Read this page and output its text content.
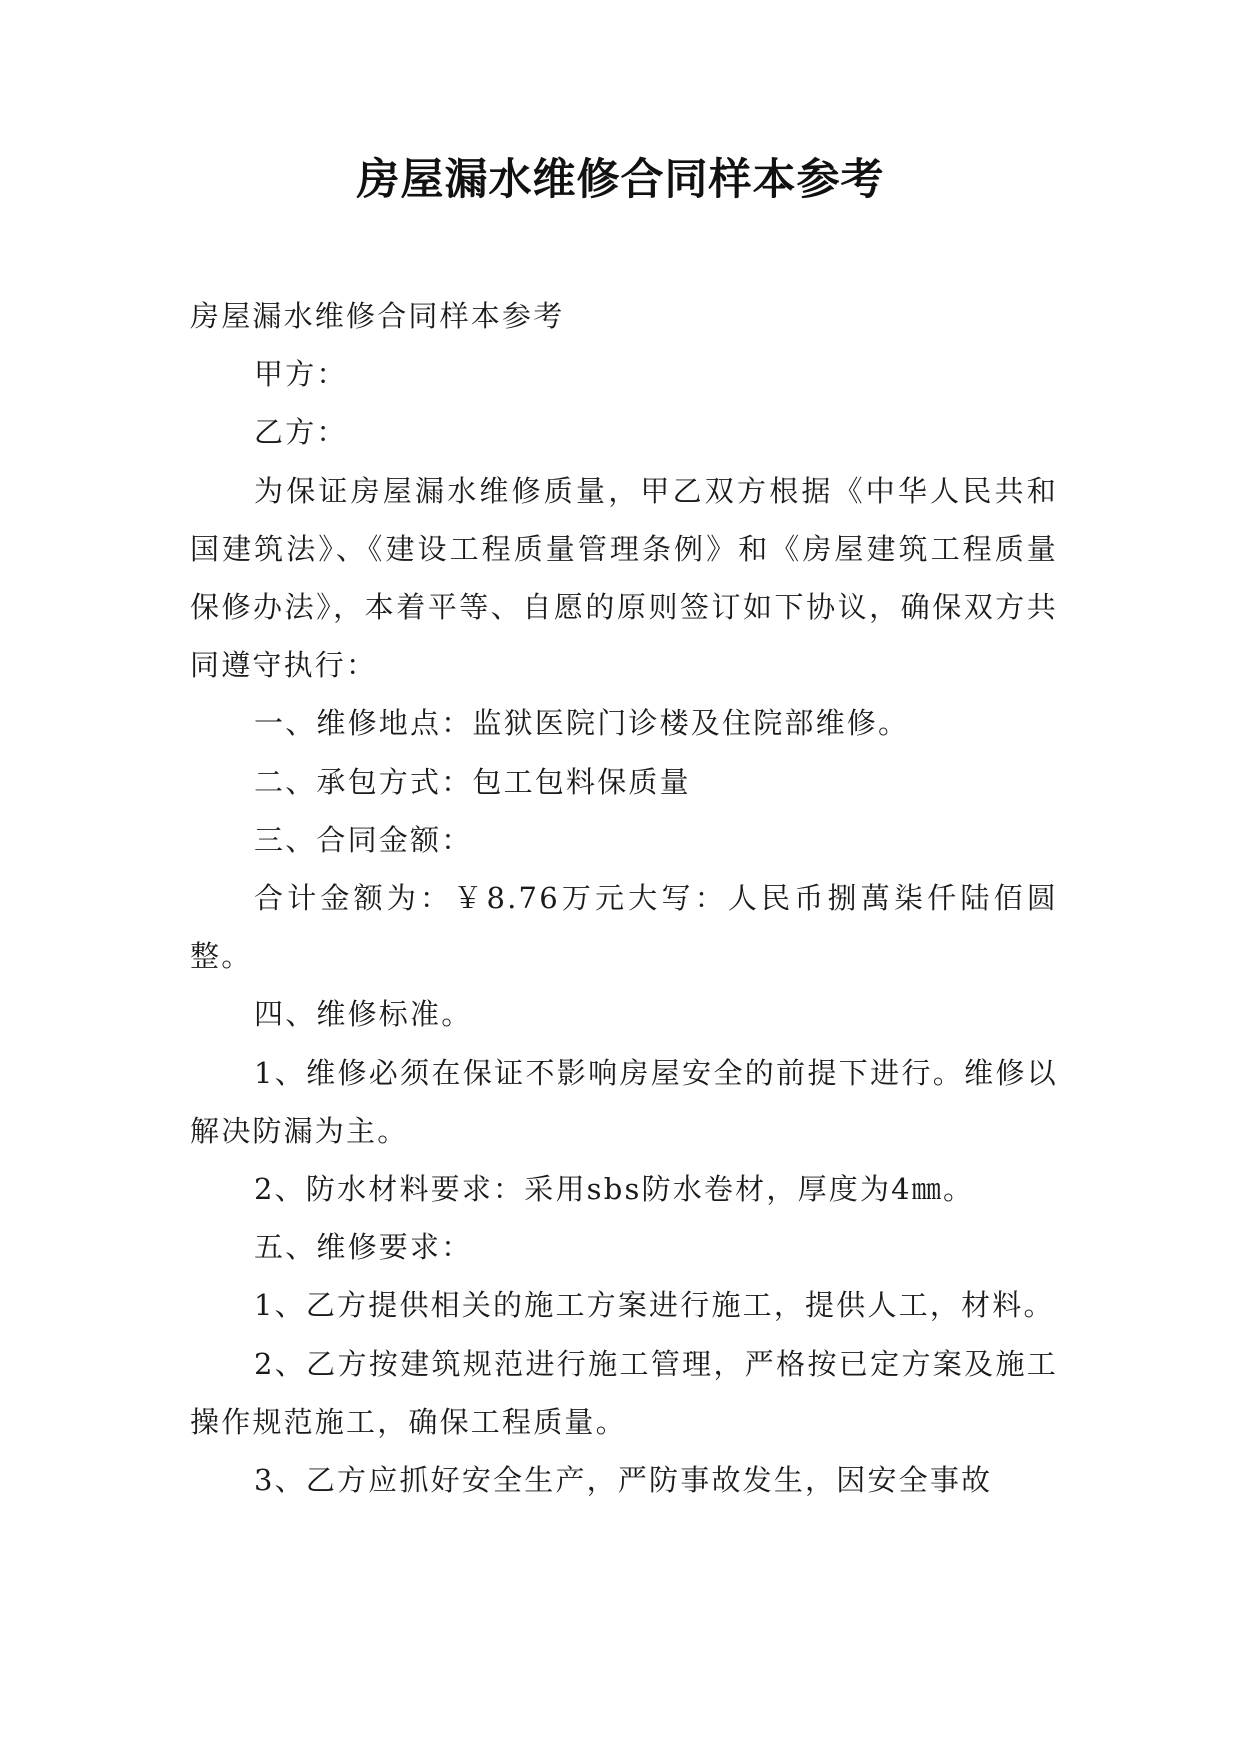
房屋漏水维修合同样本参考

房屋漏水维修合同样本参考

甲方：

乙方：

为保证房屋漏水维修质量，甲乙双方根据《中华人民共和国建筑法》、《建设工程质量管理条例》和《房屋建筑工程质量保修办法》，本着平等、自愿的原则签订如下协议，确保双方共同遵守执行：

一、维修地点：监狱医院门诊楼及住院部维修。

二、承包方式：包工包料保质量

三、合同金额：

合计金额为：￥8.76万元大写：人民币捌萬柒仟陆佰圆整。

四、维修标准。

1、维修必须在保证不影响房屋安全的前提下进行。维修以解决防漏为主。

2、防水材料要求：采用sbs防水卷材，厚度为4㎜。

五、维修要求：

1、乙方提供相关的施工方案进行施工，提供人工，材料。

2、乙方按建筑规范进行施工管理，严格按已定方案及施工操作规范施工，确保工程质量。

3、乙方应抓好安全生产，严防事故发生，因安全事故
